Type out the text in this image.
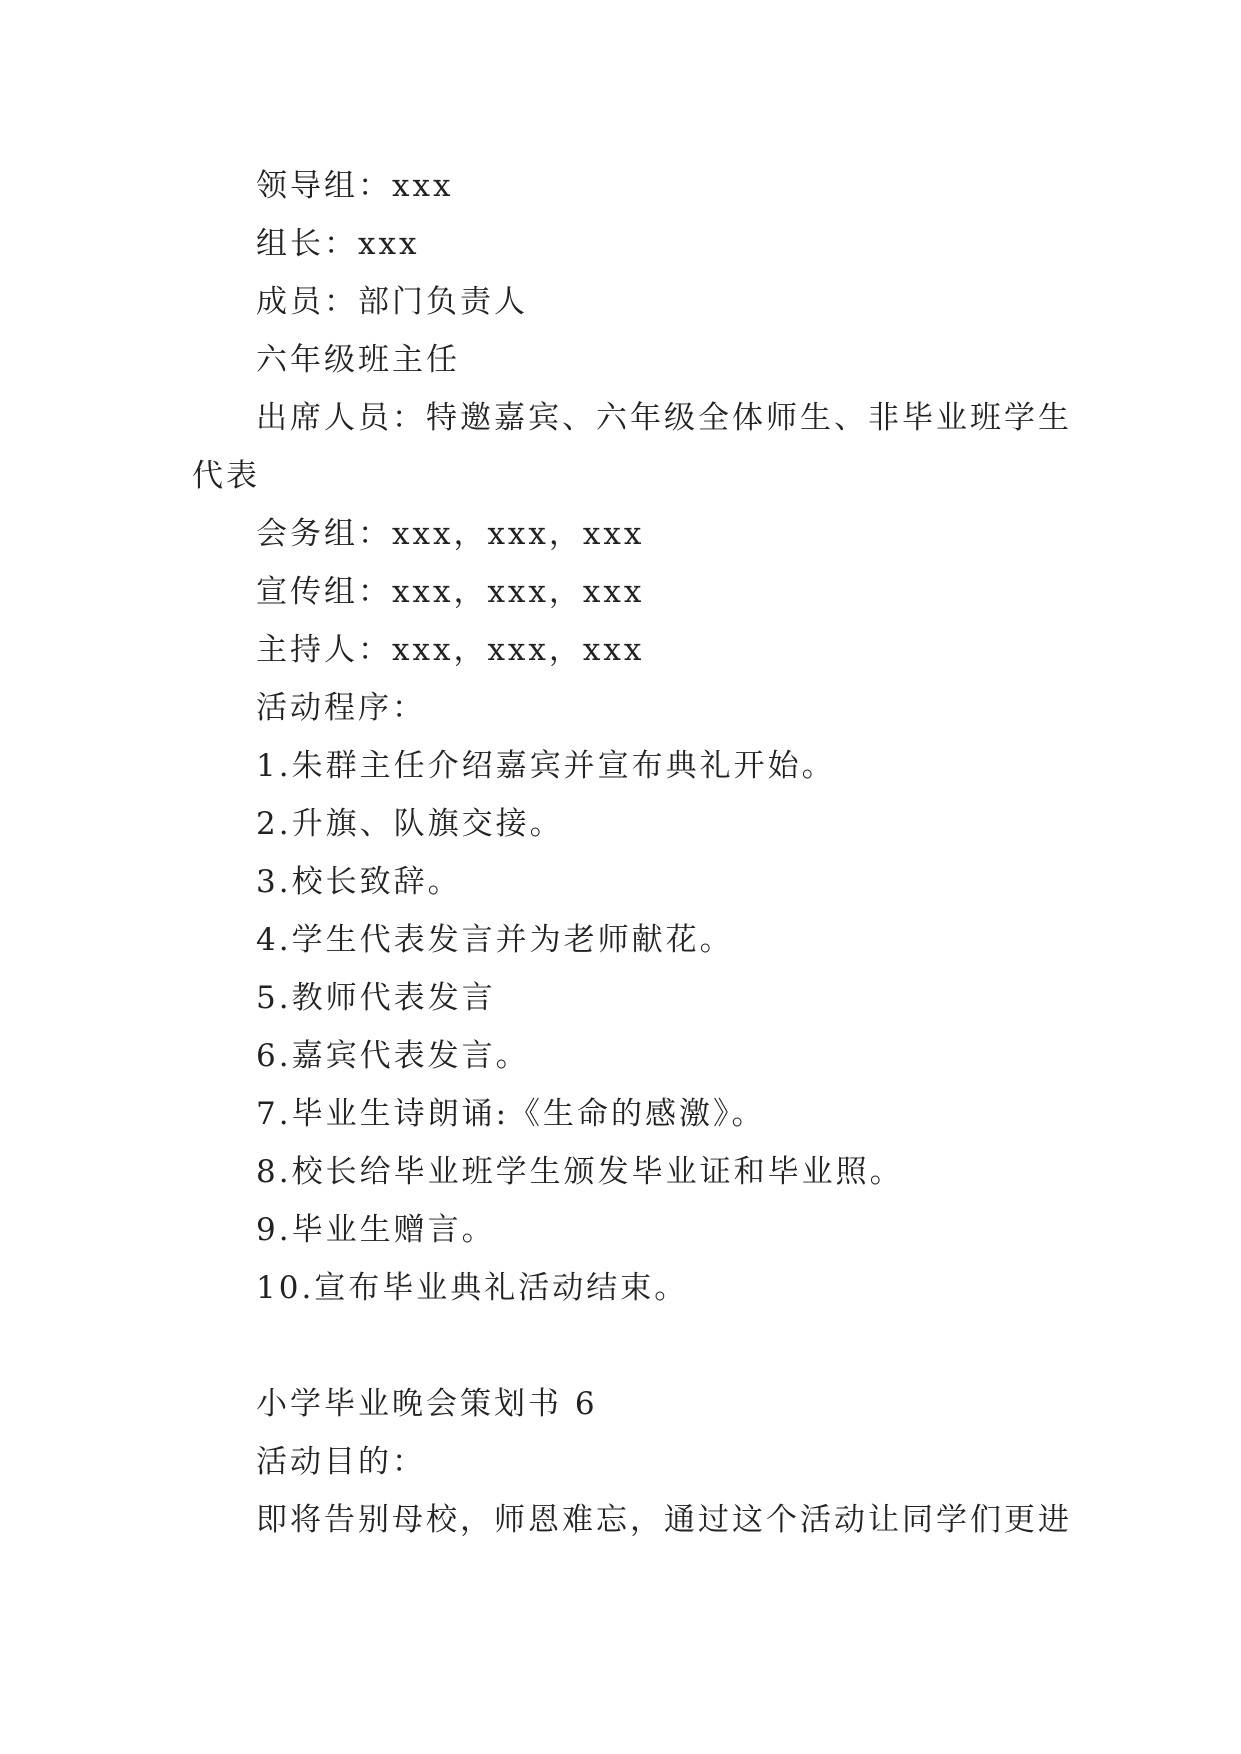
领导组：xxx
组长：xxx
成员：部门负责人
六年级班主任
出席人员：特邀嘉宾、六年级全体师生、非毕业班学生
代表
会务组：xxx，xxx，xxx
宣传组：xxx，xxx，xxx
主持人：xxx，xxx，xxx
活动程序：
1.朱群主任介绍嘉宾并宣布典礼开始。
2.升旗、队旗交接。
3.校长致辞。
4.学生代表发言并为老师献花。
5.教师代表发言
6.嘉宾代表发言。
7.毕业生诗朗诵:《生命的感激》。
8.校长给毕业班学生颁发毕业证和毕业照。
9.毕业生赠言。
10.宣布毕业典礼活动结束。
小学毕业晚会策划书 6
活动目的：
即将告别母校，师恩难忘，通过这个活动让同学们更进
